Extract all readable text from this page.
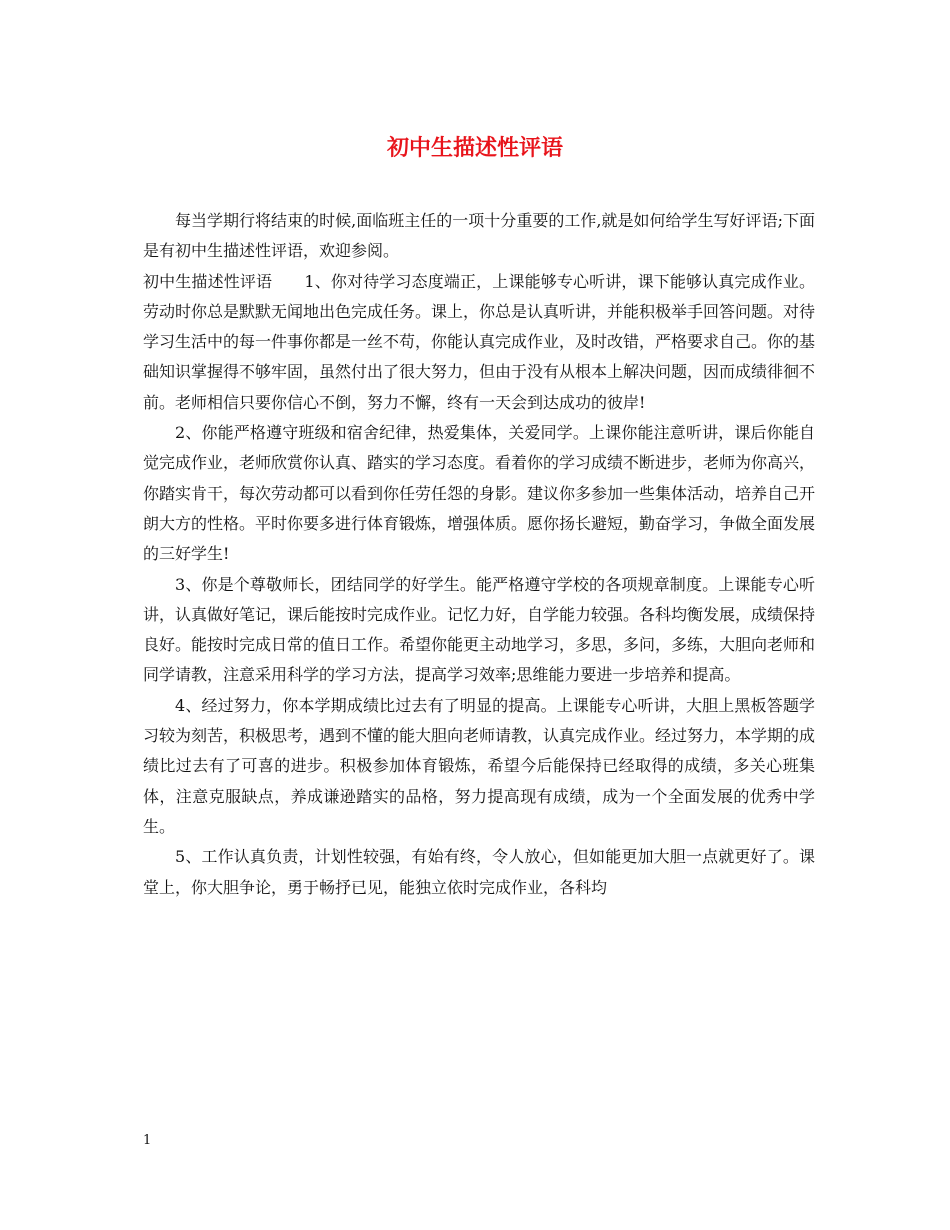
初中生描述性评语

每当学期行将结束的时候,面临班主任的一项十分重要的工作,就是如何给学生写好评语;下面是有初中生描述性评语，欢迎参阅。

初中生描述性评语　　1、你对待学习态度端正，上课能够专心听讲，课下能够认真完成作业。劳动时你总是默默无闻地出色完成任务。课上，你总是认真听讲，并能积极举手回答问题。对待学习生活中的每一件事你都是一丝不苟，你能认真完成作业，及时改错，严格要求自己。你的基础知识掌握得不够牢固，虽然付出了很大努力，但由于没有从根本上解决问题，因而成绩徘徊不前。老师相信只要你信心不倒，努力不懈，终有一天会到达成功的彼岸!

2、你能严格遵守班级和宿舍纪律，热爱集体，关爱同学。上课你能注意听讲，课后你能自觉完成作业，老师欣赏你认真、踏实的学习态度。看着你的学习成绩不断进步，老师为你高兴，你踏实肯干，每次劳动都可以看到你任劳任怨的身影。建议你多参加一些集体活动，培养自己开朗大方的性格。平时你要多进行体育锻炼，增强体质。愿你扬长避短，勤奋学习，争做全面发展的三好学生!

3、你是个尊敬师长，团结同学的好学生。能严格遵守学校的各项规章制度。上课能专心听讲，认真做好笔记，课后能按时完成作业。记忆力好，自学能力较强。各科均衡发展，成绩保持良好。能按时完成日常的值日工作。希望你能更主动地学习，多思，多问，多练，大胆向老师和同学请教，注意采用科学的学习方法，提高学习效率;思维能力要进一步培养和提高。

4、经过努力，你本学期成绩比过去有了明显的提高。上课能专心听讲，大胆上黑板答题学习较为刻苦，积极思考，遇到不懂的能大胆向老师请教，认真完成作业。经过努力，本学期的成绩比过去有了可喜的进步。积极参加体育锻炼，希望今后能保持已经取得的成绩，多关心班集体，注意克服缺点，养成谦逊踏实的品格，努力提高现有成绩，成为一个全面发展的优秀中学生。

5、工作认真负责，计划性较强，有始有终，令人放心，但如能更加大胆一点就更好了。课堂上，你大胆争论，勇于畅抒已见，能独立依时完成作业，各科均

1
